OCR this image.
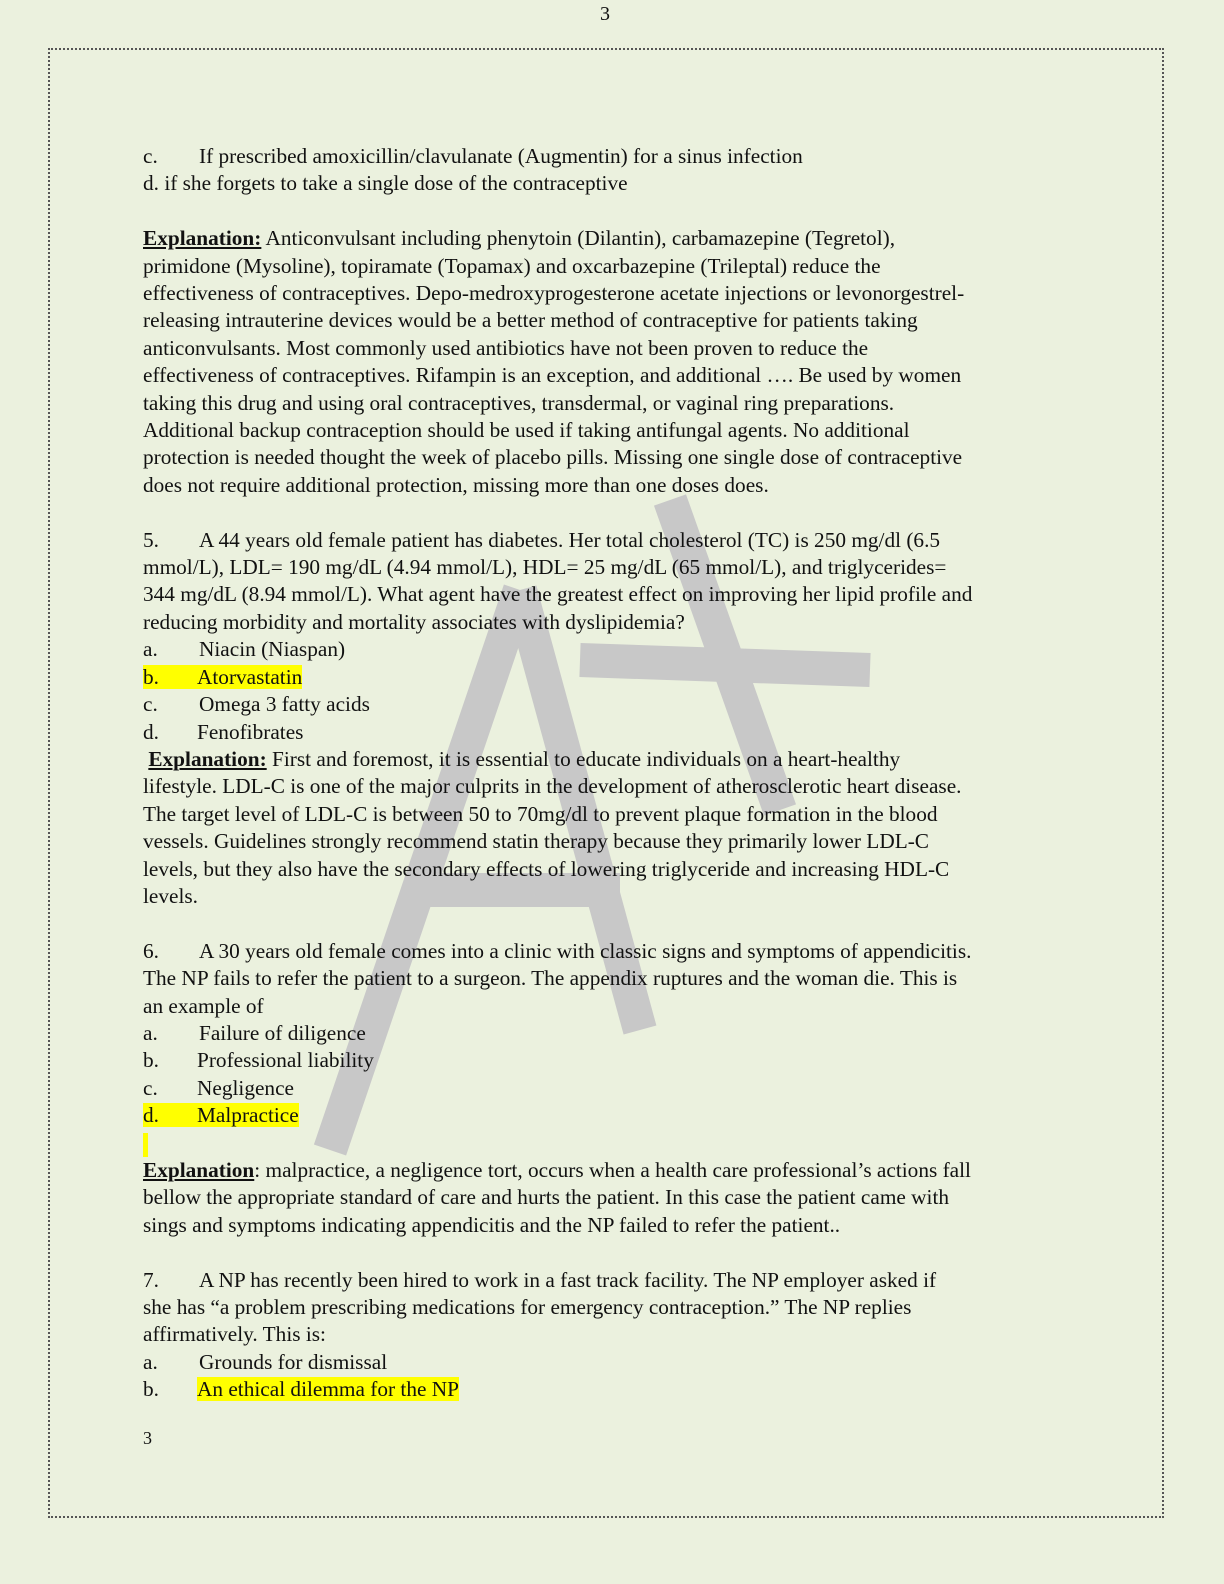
3
c. If prescribed amoxicillin/clavulanate (Augmentin) for a sinus infection
d. if she forgets to take a single dose of the contraceptive
Explanation: Anticonvulsant including phenytoin (Dilantin), carbamazepine (Tegretol),
primidone (Mysoline), topiramate (Topamax) and oxcarbazepine (Trileptal) reduce the
effectiveness of contraceptives. Depo-medroxyprogesterone acetate injections or levonorgestrel-
releasing intrauterine devices would be a better method of contraceptive for patients taking
anticonvulsants. Most commonly used antibiotics have not been proven to reduce the
effectiveness of contraceptives. Rifampin is an exception, and additional …. Be used by women
taking this drug and using oral contraceptives, transdermal, or vaginal ring preparations.
Additional backup contraception should be used if taking antifungal agents. No additional
protection is needed thought the week of placebo pills. Missing one single dose of contraceptive
does not require additional protection, missing more than one doses does.
5. A 44 years old female patient has diabetes. Her total cholesterol (TC) is 250 mg/dl (6.5
mmol/L), LDL= 190 mg/dL (4.94 mmol/L), HDL= 25 mg/dL (65 mmol/L), and triglycerides=
344 mg/dL (8.94 mmol/L). What agent have the greatest effect on improving her lipid profile and
reducing morbidity and mortality associates with dyslipidemia?
a. Niacin (Niaspan)
b. Atorvastatin
c. Omega 3 fatty acids
d. Fenofibrates
Explanation: First and foremost, it is essential to educate individuals on a heart-healthy
lifestyle. LDL-C is one of the major culprits in the development of atherosclerotic heart disease.
The target level of LDL-C is between 50 to 70mg/dl to prevent plaque formation in the blood
vessels. Guidelines strongly recommend statin therapy because they primarily lower LDL-C
levels, but they also have the secondary effects of lowering triglyceride and increasing HDL-C
levels.
6. A 30 years old female comes into a clinic with classic signs and symptoms of appendicitis.
The NP fails to refer the patient to a surgeon. The appendix ruptures and the woman die. This is
an example of
a. Failure of diligence
b. Professional liability
c. Negligence
d. Malpractice
Explanation: malpractice, a negligence tort, occurs when a health care professional’s actions fall
bellow the appropriate standard of care and hurts the patient. In this case the patient came with
sings and symptoms indicating appendicitis and the NP failed to refer the patient..
7. A NP has recently been hired to work in a fast track facility. The NP employer asked if
she has “a problem prescribing medications for emergency contraception.” The NP replies
affirmatively. This is:
a. Grounds for dismissal
b. An ethical dilemma for the NP
3
